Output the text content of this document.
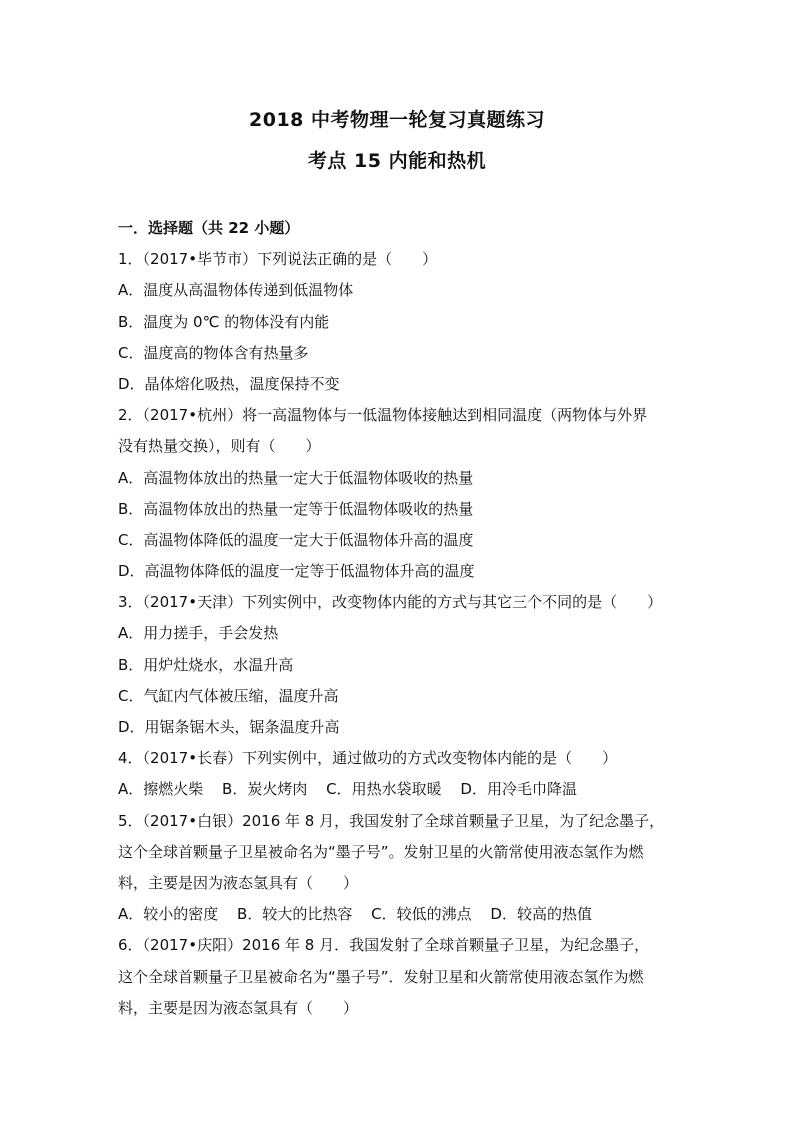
2018 中考物理一轮复习真题练习
考点 15 内能和热机
一．选择题（共 22 小题）
1．（2017•毕节市）下列说法正确的是（　　）
A．温度从高温物体传递到低温物体
B．温度为 0℃ 的物体没有内能
C．温度高的物体含有热量多
D．晶体熔化吸热，温度保持不变
2．（2017•杭州）将一高温物体与一低温物体接触达到相同温度（两物体与外界
没有热量交换），则有（　　）
A．高温物体放出的热量一定大于低温物体吸收的热量
B．高温物体放出的热量一定等于低温物体吸收的热量
C．高温物体降低的温度一定大于低温物体升高的温度
D．高温物体降低的温度一定等于低温物体升高的温度
3．（2017•天津）下列实例中，改变物体内能的方式与其它三个不同的是（　　）
A．用力搓手，手会发热
B．用炉灶烧水，水温升高
C．气缸内气体被压缩，温度升高
D．用锯条锯木头，锯条温度升高
4．（2017•长春）下列实例中，通过做功的方式改变物体内能的是（　　）
A．擦燃火柴 B．炭火烤肉 C．用热水袋取暖 D．用冷毛巾降温
5．（2017•白银）2016 年 8 月，我国发射了全球首颗量子卫星，为了纪念墨子，
这个全球首颗量子卫星被命名为“墨子号”。发射卫星的火箭常使用液态氢作为燃
料，主要是因为液态氢具有（　　）
A．较小的密度 B．较大的比热容 C．较低的沸点 D．较高的热值
6．（2017•庆阳）2016 年 8 月．我国发射了全球首颗量子卫星，为纪念墨子，
这个全球首颗量子卫星被命名为“墨子号”．发射卫星和火箭常使用液态氢作为燃
料，主要是因为液态氢具有（　　）
